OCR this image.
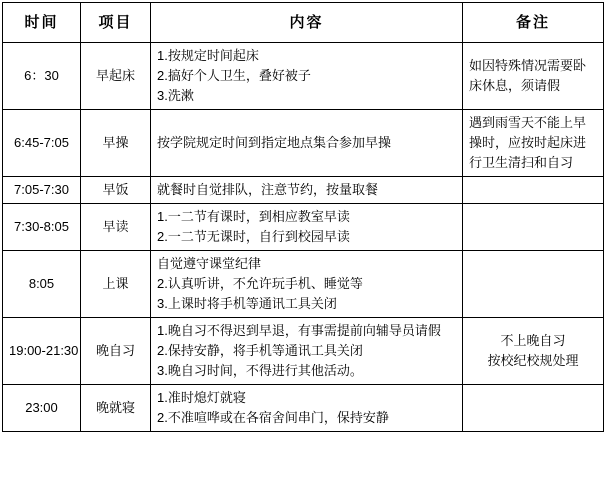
时间	项目	内容	备注
6：30	早起床	1.按规定时间起床
2.搞好个人卫生，叠好被子
3.洗漱	如因特殊情况需要卧
床休息，须请假

6:45-7:05	早操	按学院规定时间到指定地点集合参加早操	遇到雨雪天不能上早
操时，应按时起床进
行卫生清扫和自习

7:05-7:30	早饭	就餐时自觉排队，注意节约，按量取餐	

7:30-8:05	早读	1.一二节有课时，到相应教室早读
2.一二节无课时，自行到校园早读	

8:05	上课	自觉遵守课堂纪律
2.认真听讲，不允许玩手机、睡觉等
3.上课时将手机等通讯工具关闭	

19:00-21:30	晚自习	1.晚自习不得迟到早退，有事需提前向辅导员请假
2.保持安静，将手机等通讯工具关闭
3.晚自习时间，不得进行其他活动。	不上晚自习
按校纪校规处理

23:00	晚就寝	1.准时熄灯就寝
2.不准喧哗或在各宿舍间串门，保持安静	
